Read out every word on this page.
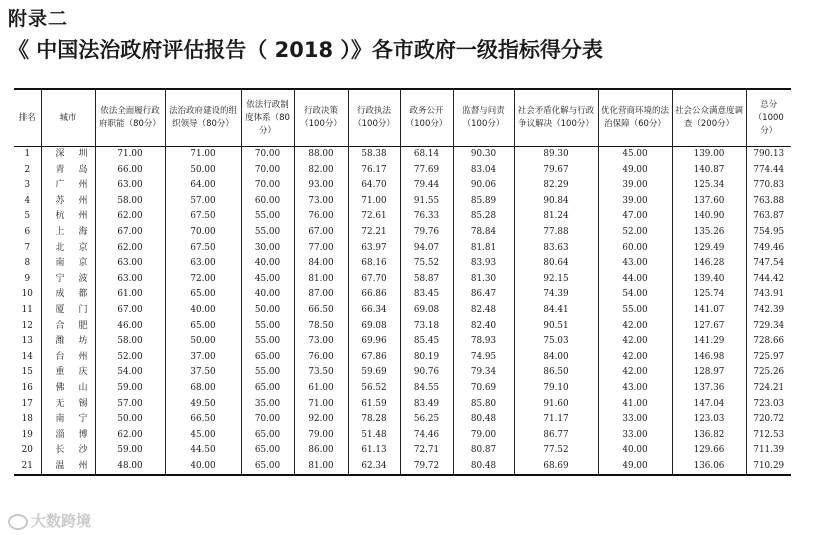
附录二
《 中国法治政府评估报告（ 2018 ）》各市政府一级指标得分表
排名	城市	依法全面履行政府职能（80分）	法治政府建设的组织领导（80分）	依法行政制度体系（80分）	行政决策（100分）	行政执法（100分）	政务公开（100分）	监督与问责（100分）	社会矛盾化解与行政争议解决（100分）	优化营商环境的法治保障（60分）	社会公众满意度调查（200分）	总分（1000分）
1	深圳	71.00	71.00	70.00	88.00	58.38	68.14	90.30	89.30	45.00	139.00	790.13
2	青岛	66.00	50.00	70.00	82.00	76.17	77.69	83.04	79.67	49.00	140.87	774.44
3	广州	63.00	64.00	70.00	93.00	64.70	79.44	90.06	82.29	39.00	125.34	770.83
4	苏州	58.00	57.00	60.00	73.00	71.00	91.55	85.89	90.84	39.00	137.60	763.88
5	杭州	62.00	67.50	55.00	76.00	72.61	76.33	85.28	81.24	47.00	140.90	763.87
6	上海	67.00	70.00	55.00	67.00	72.21	79.76	78.84	77.88	52.00	135.26	754.95
7	北京	62.00	67.50	30.00	77.00	63.97	94.07	81.81	83.63	60.00	129.49	749.46
8	南京	63.00	63.00	40.00	84.00	68.16	75.52	83.93	80.64	43.00	146.28	747.54
9	宁波	63.00	72.00	45.00	81.00	67.70	58.87	81.30	92.15	44.00	139.40	744.42
10	成都	61.00	65.00	40.00	87.00	66.86	83.45	86.47	74.39	54.00	125.74	743.91
11	厦门	67.00	40.00	50.00	66.50	66.34	69.08	82.48	84.41	55.00	141.07	742.39
12	合肥	46.00	65.00	55.00	78.50	69.08	73.18	82.40	90.51	42.00	127.67	729.34
13	潍坊	58.00	50.00	55.00	73.00	69.96	85.45	78.93	75.03	42.00	141.29	728.66
14	台州	52.00	37.00	65.00	76.00	67.86	80.19	74.95	84.00	42.00	146.98	725.97
15	重庆	54.00	37.50	55.00	73.50	59.69	90.76	79.34	86.50	42.00	128.97	725.26
16	佛山	59.00	68.00	65.00	61.00	56.52	84.55	70.69	79.10	43.00	137.36	724.21
17	无锡	57.00	49.50	35.00	71.00	61.59	83.49	85.80	91.60	41.00	147.04	723.03
18	南宁	50.00	66.50	70.00	92.00	78.28	56.25	80.48	71.17	33.00	123.03	720.72
19	淄博	62.00	45.00	65.00	79.00	51.48	74.46	79.00	86.77	33.00	136.82	712.53
20	长沙	59.00	44.50	65.00	86.00	61.13	72.71	80.87	77.52	40.00	129.66	711.39
21	温州	48.00	40.00	65.00	81.00	62.34	79.72	80.48	68.69	49.00	136.06	710.29
大数跨境
